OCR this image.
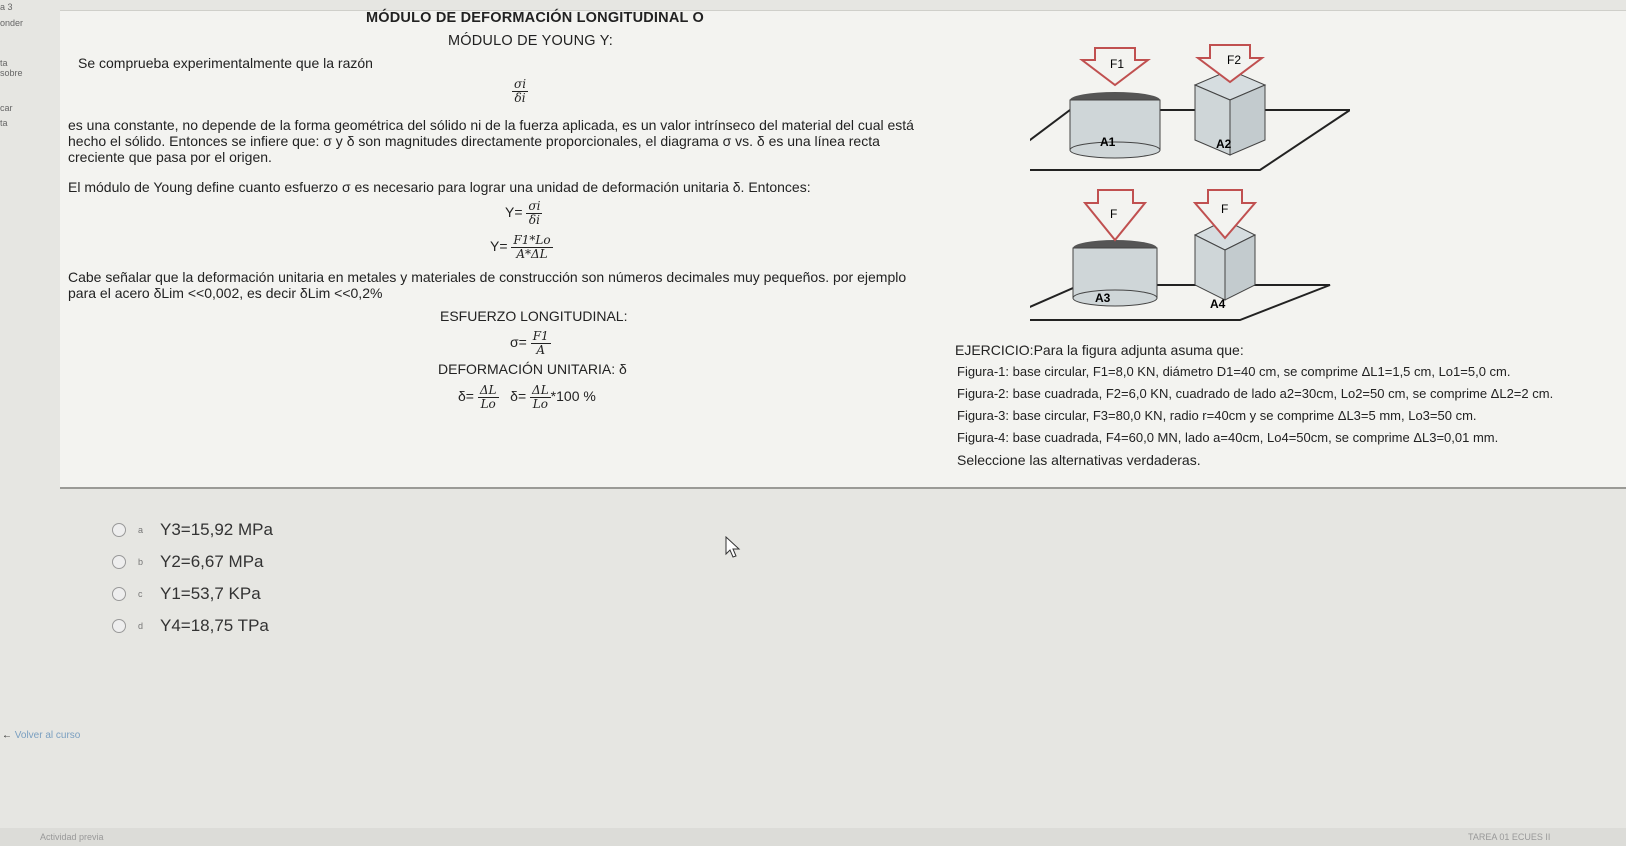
a 3
onder
ta
sobre
car
ta
MÓDULO DE DEFORMACIÓN LONGITUDINAL O
MÓDULO DE YOUNG Y:
Se comprueba experimentalmente que la razón
$\frac{\sigma i}{\delta i}$
es una constante, no depende de la forma geométrica del sólido ni de la fuerza aplicada, es un valor intrínseco del material del cual está
hecho el sólido. Entonces se infiere que: σ y δ son magnitudes directamente proporcionales, el diagrama σ vs. δ es una línea recta
creciente que pasa por el origen.
El módulo de Young define cuanto esfuerzo σ es necesario para lograr una unidad de deformación unitaria δ. Entonces:
$Y= \frac{\sigma i}{\delta i}$
$Y= \frac{F1*Lo}{A*\Delta L}$
Cabe señalar que la deformación unitaria en metales y materiales de construcción son números decimales muy pequeños. por ejemplo
para el acero δLim <<0,002, es decir δLim <<0,2%
ESFUERZO LONGITUDINAL:
$\sigma= \frac{F1}{A}$
DEFORMACIÓN UNITARIA: δ
$\delta= \frac{\Delta L}{Lo} \delta= \frac{\Delta L}{Lo} *100$ %
F1
A1
F2
A2
F
A3
F
A4
EJERCICIO:Para la figura adjunta asuma que:
Figura-1: base circular, F1=8,0 KN, diámetro D1=40 cm, se comprime ΔL1=1,5 cm, Lo1=5,0 cm.
Figura-2: base cuadrada, F2=6,0 KN, cuadrado de lado a2=30cm, Lo2=50 cm, se comprime ΔL2=2 cm.
Figura-3: base circular, F3=80,0 KN, radio r=40cm y se comprime ΔL3=5 mm, Lo3=50 cm.
Figura-4: base cuadrada, F4=60,0 MN, lado a=40cm, Lo4=50cm, se comprime ΔL3=0,01 mm.
Seleccione las alternativas verdaderas.
a Y3=15,92 MPa
b Y2=6,67 MPa
c	Y1=53,7 KPa
d Y4=18,75 TPa
← Volver al curso
Actividad previa	TAREA 01 ECUES II
